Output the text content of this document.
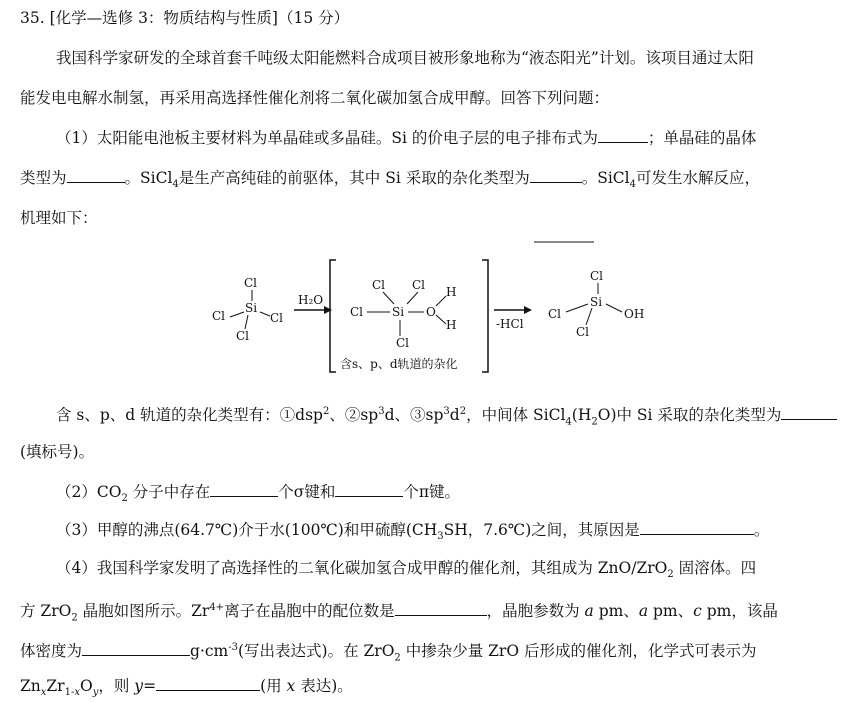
35. [化学—选修 3：物质结构与性质]（15 分）
我国科学家研发的全球首套千吨级太阳能燃料合成项目被形象地称为“液态阳光”计划。该项目通过太阳
能发电电解水制氢，再采用高选择性催化剂将二氧化碳加氢合成甲醇。回答下列问题：
（1）太阳能电池板主要材料为单晶硅或多晶硅。Si 的价电子层的电子排布式为	；单晶硅的晶体
类型为	。SiCl$_4$是生产高纯硅的前驱体，其中 Si 采取的杂化类型为	。SiCl$_4$可发生水解反应，
机理如下：
Cl
Si
Cl	Cl
Cl
H₂O
Cl Cl
Si
Cl	O
H
H
Cl
含s、p、d轨道的杂化
-HCl
Cl
Si
Cl	OH
Cl
含 s、p、d 轨道的杂化类型有：①dsp$^2$、$②sp^3d$、$③sp^3d^2$，中间体 $SiCl_4(H_2O)$中 Si 采取的杂化类型为
(填标号)。
$(2)CO_2$ 分子中存在	个σ键和	个π键。
（3）甲醇的沸点(64.7℃)介于水(100℃)和甲硫醇($CH_3SH$，7.6℃)之间，其原因是	。
（4）我国科学家发明了高选择性的二氧化碳加氢合成甲醇的催化剂，其组成为 ZnO/ZrO$_2$ 固溶体。四
方 ZrO$_2$ 晶胞如图所示。$Zr^{4+}$离子在晶胞中的配位数是	，晶胞参数为 a pm、a pm、c pm，该晶
体密度为	$g\cdot cm^{-3}$(写出表达式)。在 ZrO$_2$ 中掺杂少量 ZrO 后形成的催化剂，化学式可表示为
$Zn_xZr_{1-x}O_y$，则 y=	(用 x 表达)。
